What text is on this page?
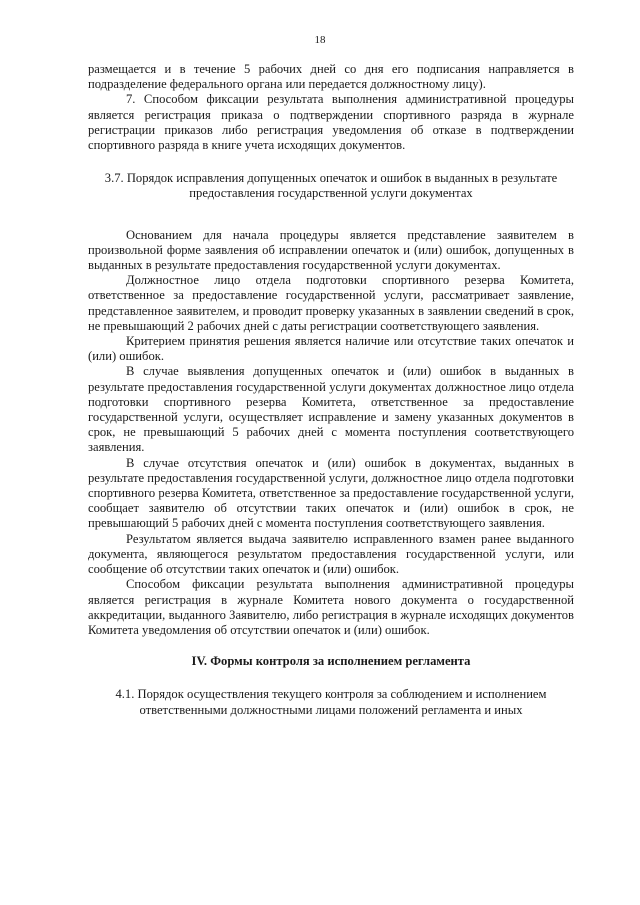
18

размещается и в течение 5 рабочих дней со дня его подписания направляется в подразделение федерального органа или передается должностному лицу).

7. Способом фиксации результата выполнения административной процедуры является регистрация приказа о подтверждении спортивного разряда в журнале регистрации приказов либо регистрация уведомления об отказе в подтверждении спортивного разряда в книге учета исходящих документов.

3.7. Порядок исправления допущенных опечаток и ошибок в выданных в результате предоставления государственной услуги документах

Основанием для начала процедуры является представление заявителем в произвольной форме заявления об исправлении опечаток и (или) ошибок, допущенных в выданных в результате предоставления государственной услуги документах.

Должностное лицо отдела подготовки спортивного резерва Комитета, ответственное за предоставление государственной услуги, рассматривает заявление, представленное заявителем, и проводит проверку указанных в заявлении сведений в срок, не превышающий 2 рабочих дней с даты регистрации соответствующего заявления.

Критерием принятия решения является наличие или отсутствие таких опечаток и (или) ошибок.

В случае выявления допущенных опечаток и (или) ошибок в выданных в результате предоставления государственной услуги документах должностное лицо отдела подготовки спортивного резерва Комитета, ответственное за предоставление государственной услуги, осуществляет исправление и замену указанных документов в срок, не превышающий 5 рабочих дней с момента поступления соответствующего заявления.

В случае отсутствия опечаток и (или) ошибок в документах, выданных в результате предоставления государственной услуги, должностное лицо отдела подготовки спортивного резерва Комитета, ответственное за предоставление государственной услуги, сообщает заявителю об отсутствии таких опечаток и (или) ошибок в срок, не превышающий 5 рабочих дней с момента поступления соответствующего заявления.

Результатом является выдача заявителю исправленного взамен ранее выданного документа, являющегося результатом предоставления государственной услуги, или сообщение об отсутствии таких опечаток и (или) ошибок.

Способом фиксации результата выполнения административной процедуры является регистрация в журнале Комитета нового документа о государственной аккредитации, выданного Заявителю, либо регистрация в журнале исходящих документов Комитета уведомления об отсутствии опечаток и (или) ошибок.

IV. Формы контроля за исполнением регламента

4.1. Порядок осуществления текущего контроля за соблюдением и исполнением ответственными должностными лицами положений регламента и иных
